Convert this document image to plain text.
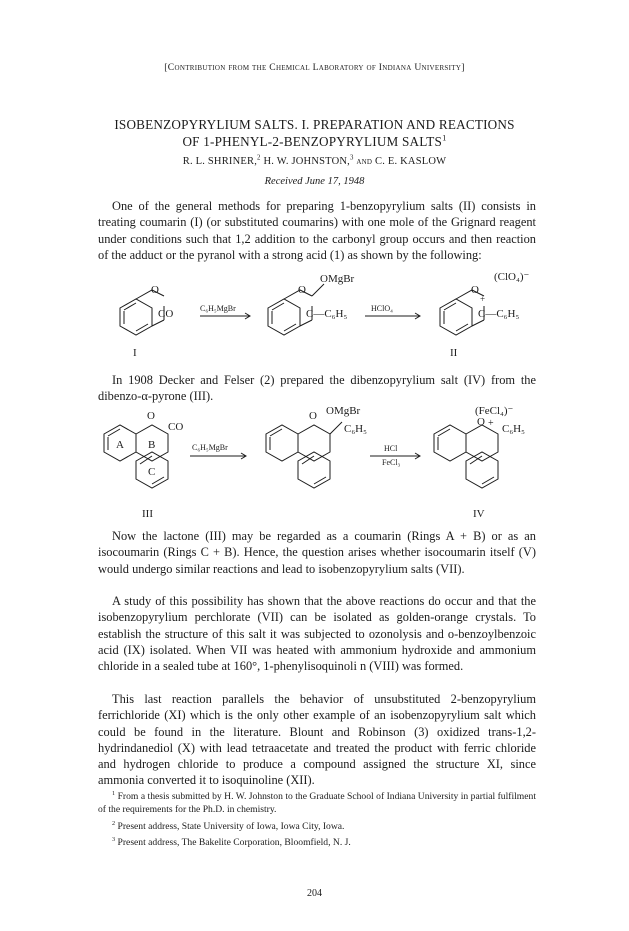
[Contribution from the Chemical Laboratory of Indiana University]
ISOBENZOPYRYLIUM SALTS. I. PREPARATION AND REACTIONS
OF 1-PHENYL-2-BENZOPYRYLIUM SALTS$^1$
R. L. SHRINER,$^2$ H. W. JOHNSTON,$^3$ and C. E. KASLOW
Received June 17, 1948

One of the general methods for preparing 1-benzopyrylium salts (II) consists in treating coumarin (I) (or substituted coumarins) with one mole of the Grignard reagent under conditions such that 1,2 addition to the carbonyl group occurs and then reaction of the adduct or the pyranol with a strong acid (1) as shown by the following:

O
CO	C₆H₅MgBr
O
OMgBr
C—C₆H₅	HClO₄
(ClO₄)⁻
O
+
C—C₆H₅
I	II

In 1908 Decker and Felser (2) prepared the dibenzopyrylium salt (IV) from the dibenzo-α-pyrone (III).

O
CO
A B
C
C₆H₅MgBr
O OMgBr
C₆H₅
HCl
FeCl₃
(FeCl₄)⁻
O + C₆H₅
III	IV

Now the lactone (III) may be regarded as a coumarin (Rings A + B) or as an isocoumarin (Rings C + B). Hence, the question arises whether isocoumarin itself (V) would undergo similar reactions and lead to isobenzopyrylium salts (VII).

A study of this possibility has shown that the above reactions do occur and that the isobenzopyrylium perchlorate (VII) can be isolated as golden-orange crystals. To establish the structure of this salt it was subjected to ozonolysis and o-benzoylbenzoic acid (IX) isolated. When VII was heated with ammonium hydroxide and ammonium chloride in a sealed tube at 160°, 1-phenylisoquinoli n (VIII) was formed.

This last reaction parallels the behavior of unsubstituted 2-benzopyrylium ferrichloride (XI) which is the only other example of an isobenzopyrylium salt which could be found in the literature. Blount and Robinson (3) oxidized trans-1,2-hydrindanediol (X) with lead tetraacetate and treated the product with ferric chloride and hydrogen chloride to produce a compound assigned the structure XI, since ammonia converted it to isoquinoline (XII).

$^1$ From a thesis submitted by H. W. Johnston to the Graduate School of Indiana University in partial fulfilment of the requirements for the Ph.D. in chemistry.

$^2$ Present address, State University of Iowa, Iowa City, Iowa.

$^3$ Present address, The Bakelite Corporation, Bloomfield, N. J.

204
